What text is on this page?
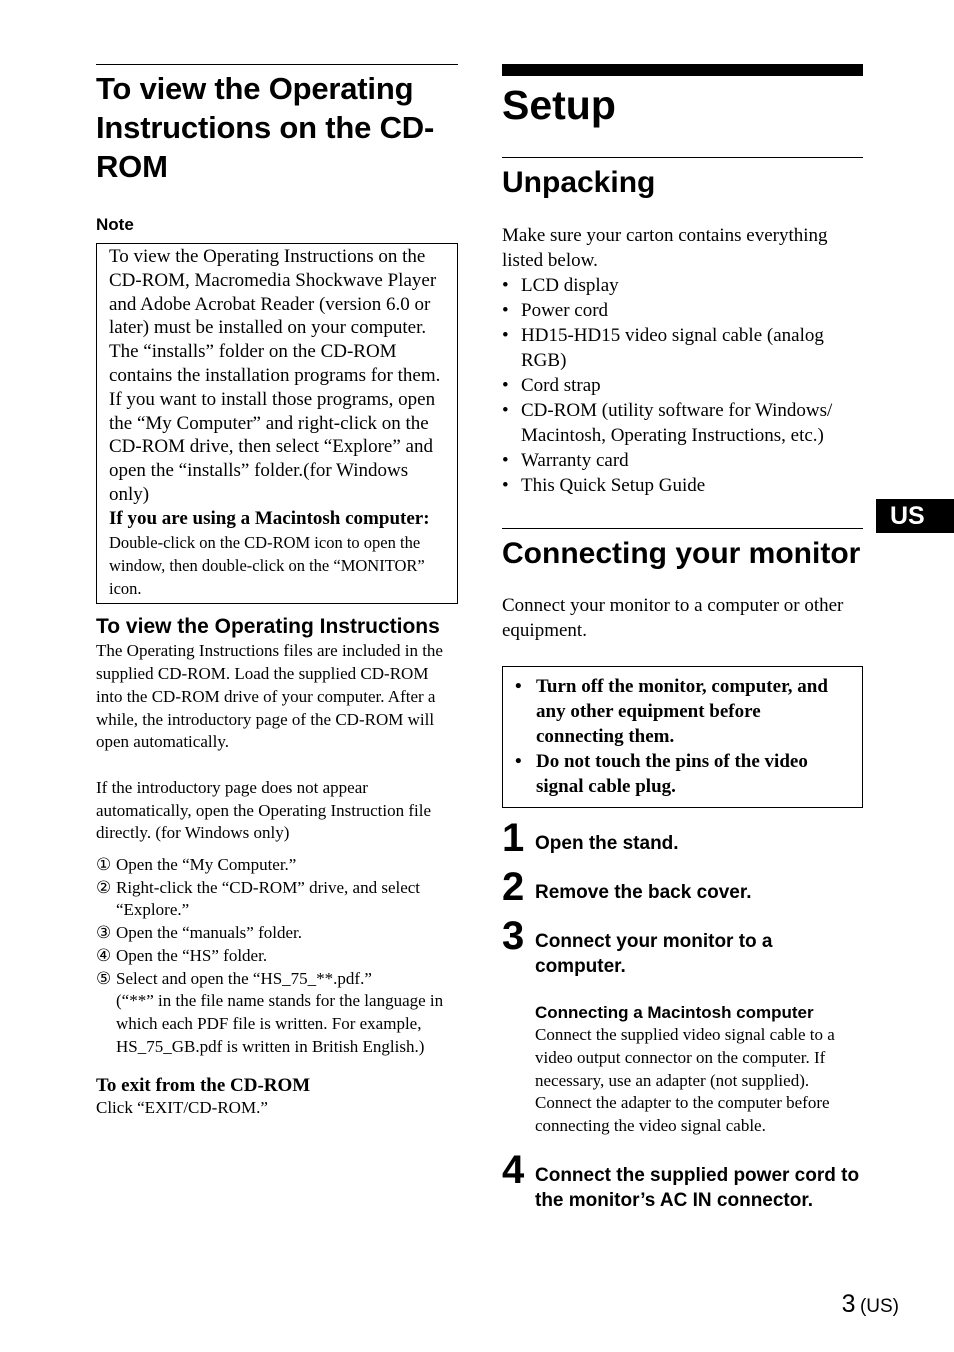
To view the Operating Instructions on the CD-ROM
Note

To view the Operating Instructions on the CD-ROM, Macromedia Shockwave Player and Adobe Acrobat Reader (version 6.0 or later) must be installed on your computer. The “installs” folder on the CD-ROM contains the installation programs for them.

If you want to install those programs, open the “My Computer” and right-click on the CD-ROM drive, then select “Explore” and open the “installs” folder.(for Windows only)

If you are using a Macintosh computer:

Double-click on the CD-ROM icon to open the window, then double-click on the “MONITOR” icon.

To view the Operating Instructions

The Operating Instructions files are included in the supplied CD-ROM. Load the supplied CD-ROM into the CD-ROM drive of your computer. After a while, the introductory page of the CD-ROM will open automatically.

If the introductory page does not appear automatically, open the Operating Instruction file directly. (for Windows only)

① Open the “My Computer.”
② Right-click the “CD-ROM” drive, and select “Explore.”
③ Open the “manuals” folder.
④ Open the “HS” folder.
⑤ Select and open the “HS_75_**.pdf.”
(“**” in the file name stands for the language in which each PDF file is written. For example, HS_75_GB.pdf is written in British English.)
To exit from the CD-ROM

Click “EXIT/CD-ROM.”

Setup
Unpacking

Make sure your carton contains everything listed below.

• LCD display
• Power cord
• HD15-HD15 video signal cable (analog RGB)
• Cord strap
• CD-ROM (utility software for Windows/ Macintosh, Operating Instructions, etc.)
• Warranty card
• This Quick Setup Guide
Connecting your monitor

Connect your monitor to a computer or other equipment.

• Turn off the monitor, computer, and any other equipment before connecting them.
• Do not touch the pins of the video signal cable plug.
1 Open the stand.
2 Remove the back cover.
3 Connect your monitor to a computer.
Connecting a Macintosh computer

Connect the supplied video signal cable to a video output connector on the computer. If necessary, use an adapter (not supplied). Connect the adapter to the computer before connecting the video signal cable.

4 Connect the supplied power cord to the monitor’s AC IN connector.
US
3 (US)
